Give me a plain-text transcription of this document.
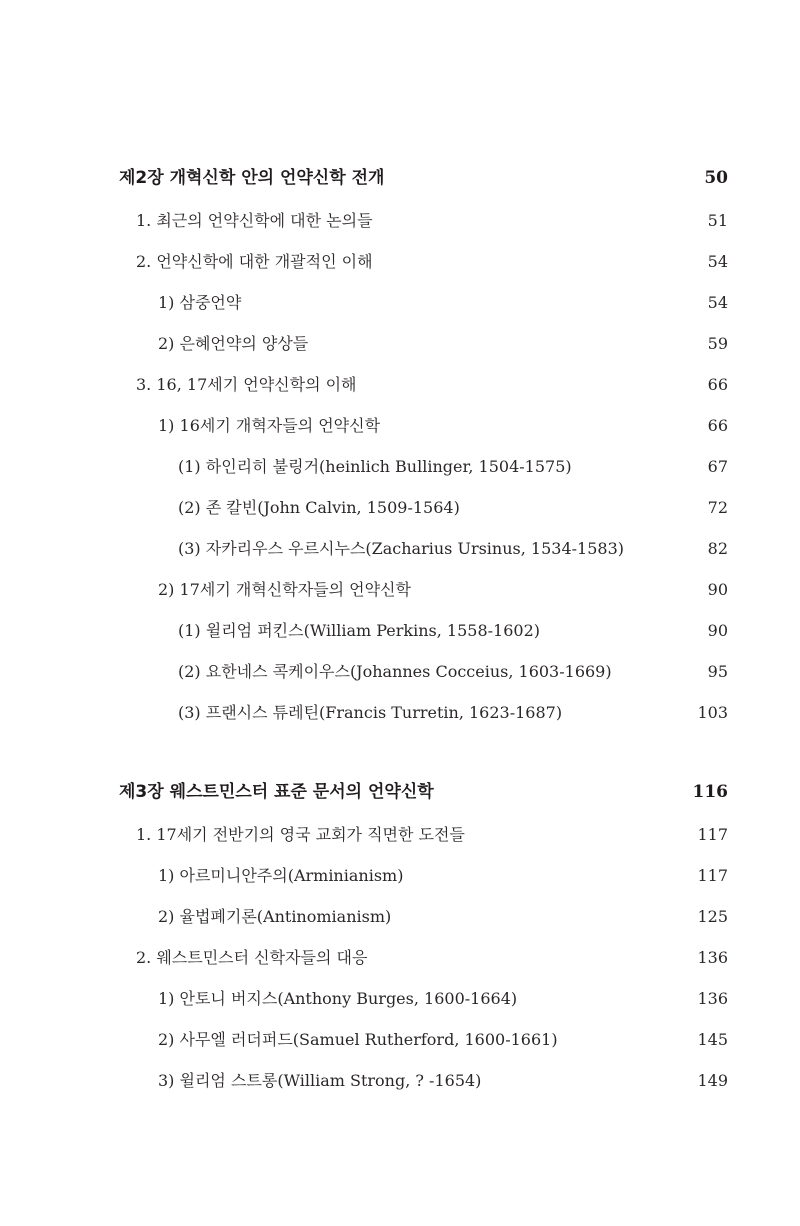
제2장 개혁신학 안의 언약신학 전개	50
1. 최근의 언약신학에 대한 논의들	51
2. 언약신학에 대한 개괄적인 이해	54
1) 삼중언약	54
2) 은혜언약의 양상들	59
3. 16, 17세기 언약신학의 이해	66
1) 16세기 개혁자들의 언약신학	66
(1) 하인리히 불링거(heinlich Bullinger, 1504-1575)	67
(2) 존 칼빈(John Calvin, 1509-1564)	72
(3) 자카리우스 우르시누스(Zacharius Ursinus, 1534-1583)	82
2) 17세기 개혁신학자들의 언약신학	90
(1) 윌리엄 퍼킨스(William Perkins, 1558-1602)	90
(2) 요한네스 콕케이우스(Johannes Cocceius, 1603-1669)	95
(3) 프랜시스 튜레틴(Francis Turretin, 1623-1687)	103
제3장 웨스트민스터 표준 문서의 언약신학	116
1. 17세기 전반기의 영국 교회가 직면한 도전들	117
1) 아르미니안주의(Arminianism)	117
2) 율법폐기론(Antinomianism)	125
2. 웨스트민스터 신학자들의 대응	136
1) 안토니 버지스(Anthony Burges, 1600-1664)	136
2) 사무엘 러더퍼드(Samuel Rutherford, 1600-1661)	145
3) 윌리엄 스트롱(William Strong, ? -1654)	149
